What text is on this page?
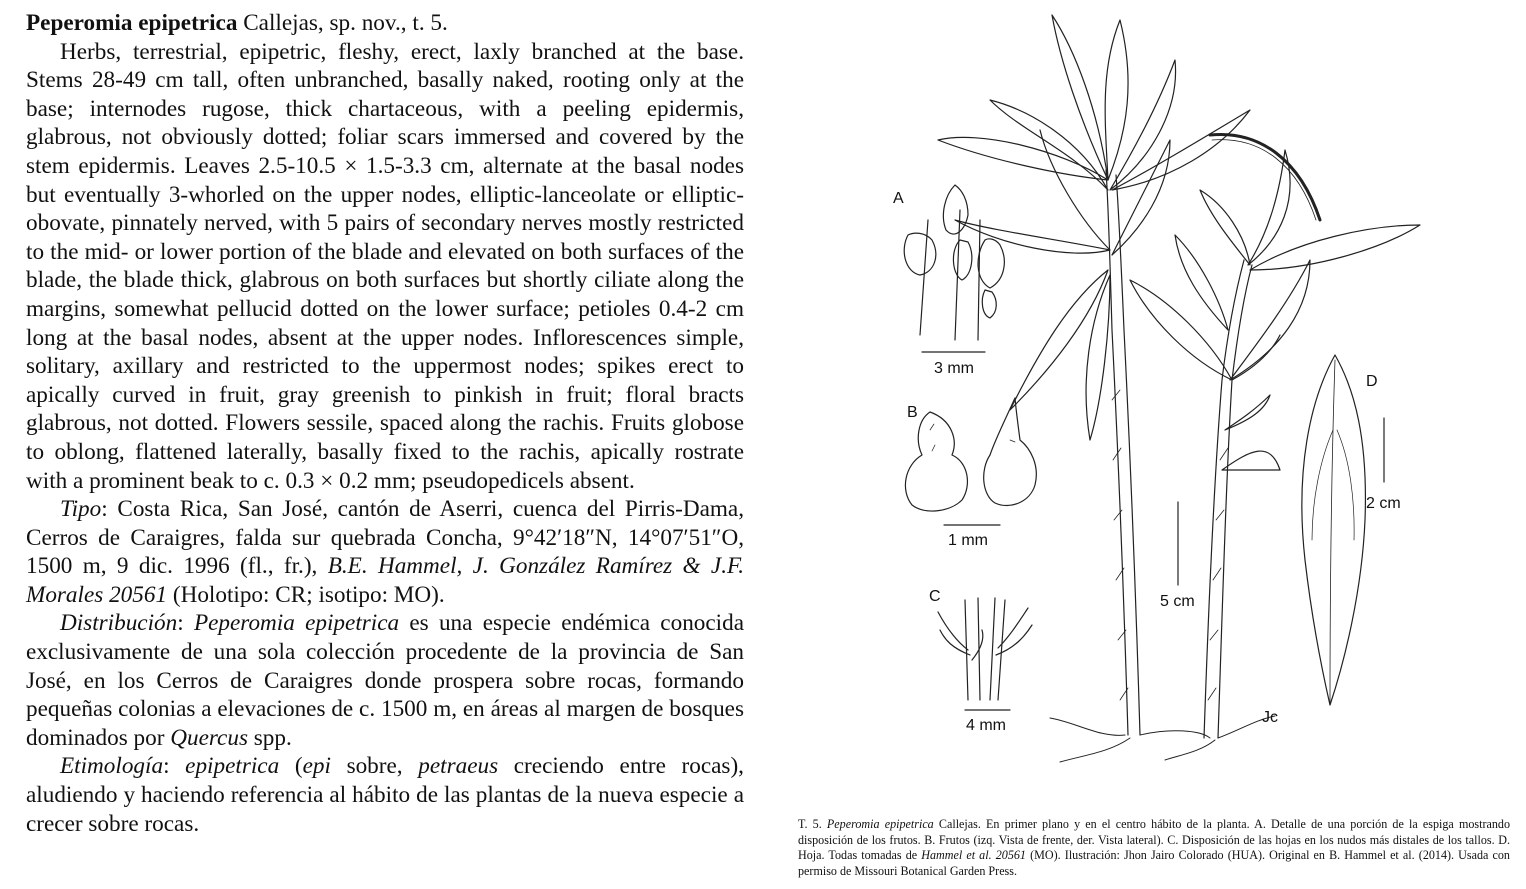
Peperomia epipetrica Callejas, sp. nov., t. 5.

Herbs, terrestrial, epipetric, fleshy, erect, laxly branched at the base. Stems 28-49 cm tall, often unbranched, basally naked, rooting only at the base; internodes rugose, thick chartaceous, with a peeling epidermis, glabrous, not obviously dotted; foliar scars immersed and covered by the stem epidermis. Leaves 2.5-10.5 × 1.5-3.3 cm, alternate at the basal nodes but eventually 3-whorled on the upper nodes, elliptic-lanceolate or elliptic-obovate, pinnately nerved, with 5 pairs of secondary nerves mostly restricted to the mid- or lower portion of the blade and elevated on both surfaces of the blade, the blade thick, glabrous on both surfaces but shortly ciliate along the margins, somewhat pellucid dotted on the lower surface; petioles 0.4-2 cm long at the basal nodes, absent at the upper nodes. Inflorescences simple, solitary, axillary and restricted to the uppermost nodes; spikes erect to apically curved in fruit, gray greenish to pinkish in fruit; floral bracts glabrous, not dotted. Flowers sessile, spaced along the rachis. Fruits globose to oblong, flattened laterally, basally fixed to the rachis, apically rostrate with a prominent beak to c. 0.3 × 0.2 mm; pseudopedicels absent.

Tipo: Costa Rica, San José, cantón de Aserri, cuenca del Pirris-Dama, Cerros de Caraigres, falda sur quebrada Concha, 9°42′18″N, 14°07′51″O, 1500 m, 9 dic. 1996 (fl., fr.), B.E. Hammel, J. González Ramírez & J.F. Morales 20561 (Holotipo: CR; isotipo: MO).

Distribución: Peperomia epipetrica es una especie endémica conocida exclusivamente de una sola colección procedente de la provincia de San José, en los Cerros de Caraigres donde prospera sobre rocas, formando pequeñas colonias a elevaciones de c. 1500 m, en áreas al margen de bosques dominados por Quercus spp.

Etimología: epipetrica (epi sobre, petraeus creciendo entre rocas), aludiendo y haciendo referencia al hábito de las plantas de la nueva especie a crecer sobre rocas.

Jc
A
3 mm
B
1 mm
C
4 mm
D
2 cm
5 cm
T. 5. Peperomia epipetrica Callejas. En primer plano y en el centro hábito de la planta. A. Detalle de una porción de la espiga mostrando disposición de los frutos. B. Frutos (izq. Vista de frente, der. Vista lateral). C. Disposición de las hojas en los nudos más distales de los tallos. D. Hoja. Todas tomadas de Hammel et al. 20561 (MO). Ilustración: Jhon Jairo Colorado (HUA). Original en B. Hammel et al. (2014). Usada con permiso de Missouri Botanical Garden Press.
